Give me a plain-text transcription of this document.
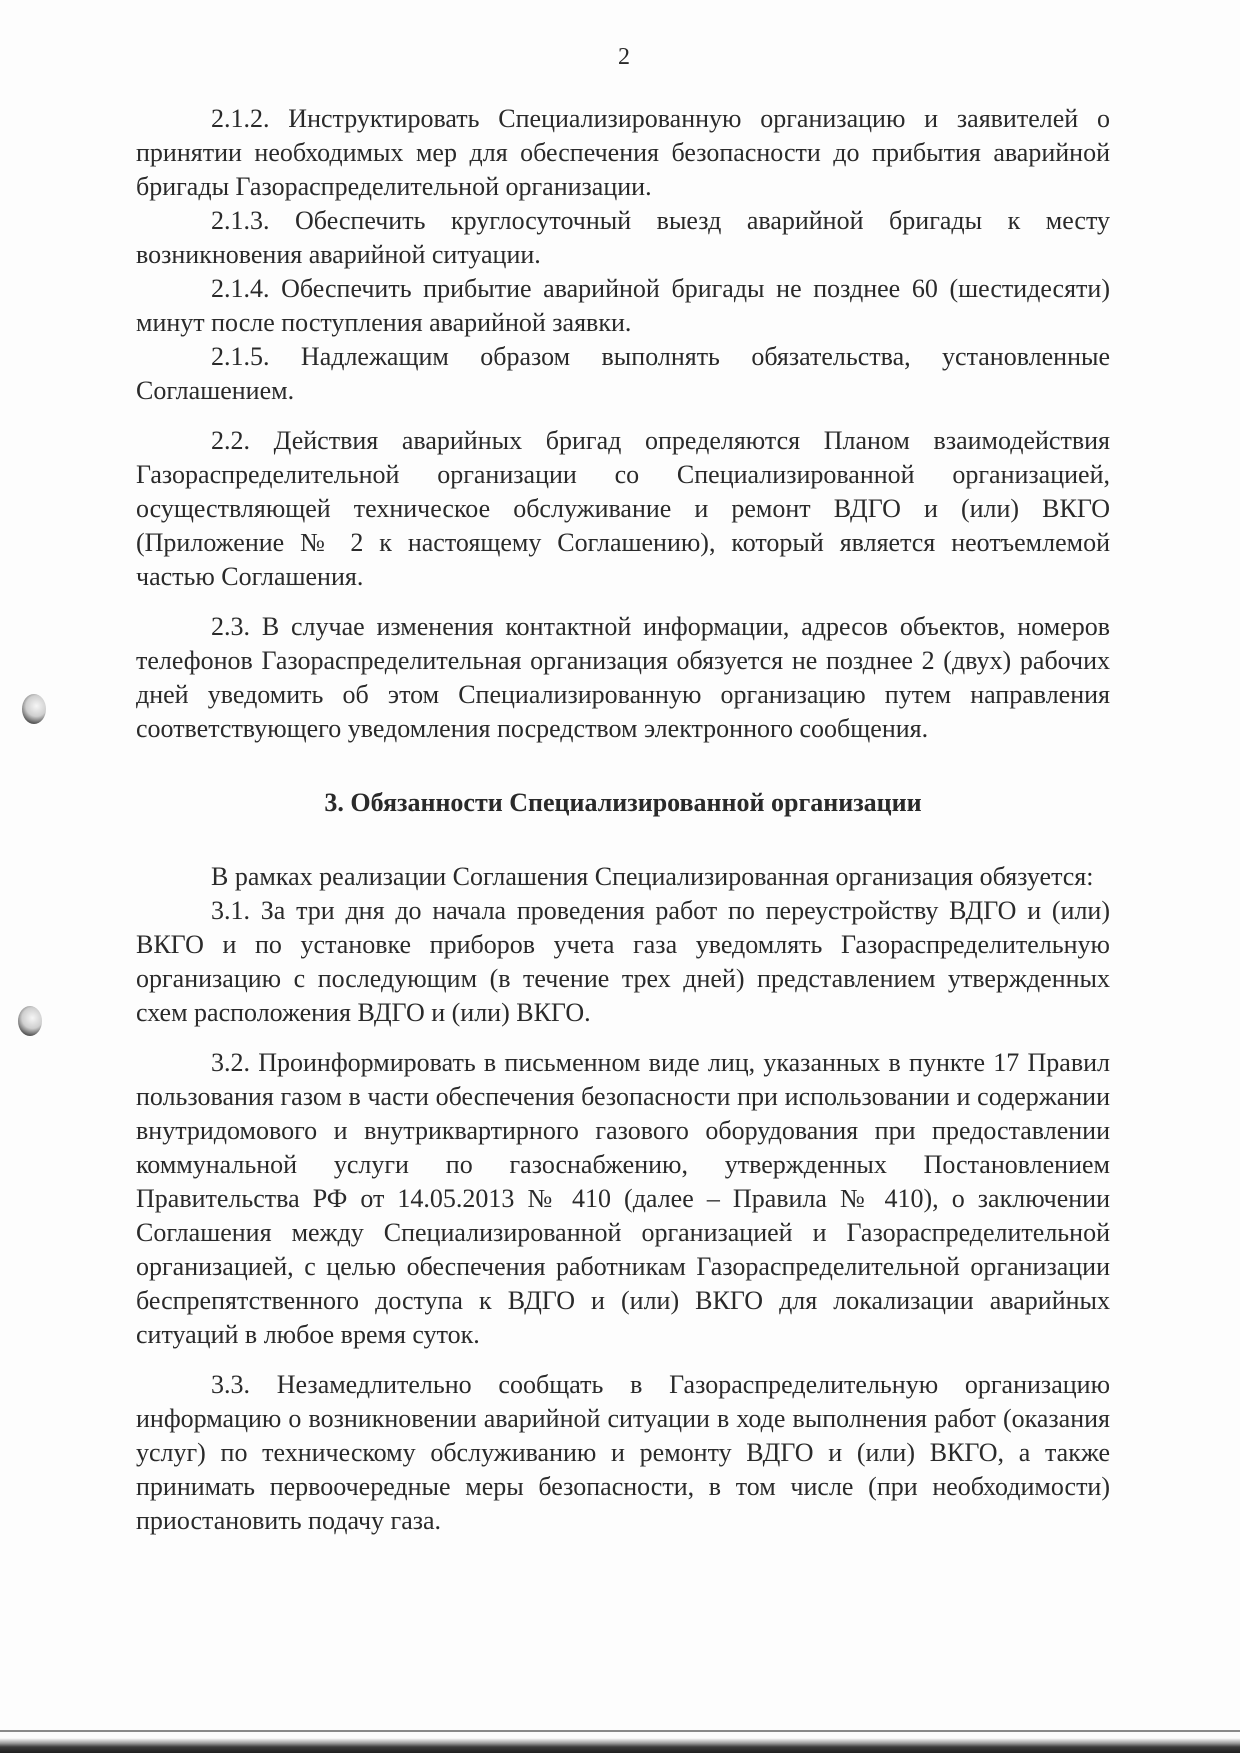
2

2.1.2. Инструктировать Специализированную организацию и заявителей о принятии необходимых мер для обеспечения безопасности до прибытия аварийной бригады Газораспределительной организации.

2.1.3. Обеспечить круглосуточный выезд аварийной бригады к месту возникновения аварийной ситуации.

2.1.4. Обеспечить прибытие аварийной бригады не позднее 60 (шестидесяти) минут после поступления аварийной заявки.

2.1.5. Надлежащим образом выполнять обязательства, установленные Соглашением.

2.2. Действия аварийных бригад определяются Планом взаимодействия Газораспределительной организации со Специализированной организацией, осуществляющей техническое обслуживание и ремонт ВДГО и (или) ВКГО (Приложение № 2 к настоящему Соглашению), который является неотъемлемой частью Соглашения.

2.3. В случае изменения контактной информации, адресов объектов, номеров телефонов Газораспределительная организация обязуется не позднее 2 (двух) рабочих дней уведомить об этом Специализированную организацию путем направления соответствующего уведомления посредством электронного сообщения.

3. Обязанности Специализированной организации

В рамках реализации Соглашения Специализированная организация обязуется:

3.1. За три дня до начала проведения работ по переустройству ВДГО и (или) ВКГО и по установке приборов учета газа уведомлять Газораспределительную организацию с последующим (в течение трех дней) представлением утвержденных схем расположения ВДГО и (или) ВКГО.

3.2. Проинформировать в письменном виде лиц, указанных в пункте 17 Правил пользования газом в части обеспечения безопасности при использовании и содержании внутридомового и внутриквартирного газового оборудования при предоставлении коммунальной услуги по газоснабжению, утвержденных Постановлением Правительства РФ от 14.05.2013 № 410 (далее – Правила № 410), о заключении Соглашения между Специализированной организацией и Газораспределительной организацией, с целью обеспечения работникам Газораспределительной организации беспрепятственного доступа к ВДГО и (или) ВКГО для локализации аварийных ситуаций в любое время суток.

3.3. Незамедлительно сообщать в Газораспределительную организацию информацию о возникновении аварийной ситуации в ходе выполнения работ (оказания услуг) по техническому обслуживанию и ремонту ВДГО и (или) ВКГО, а также принимать первоочередные меры безопасности, в том числе (при необходимости) приостановить подачу газа.
